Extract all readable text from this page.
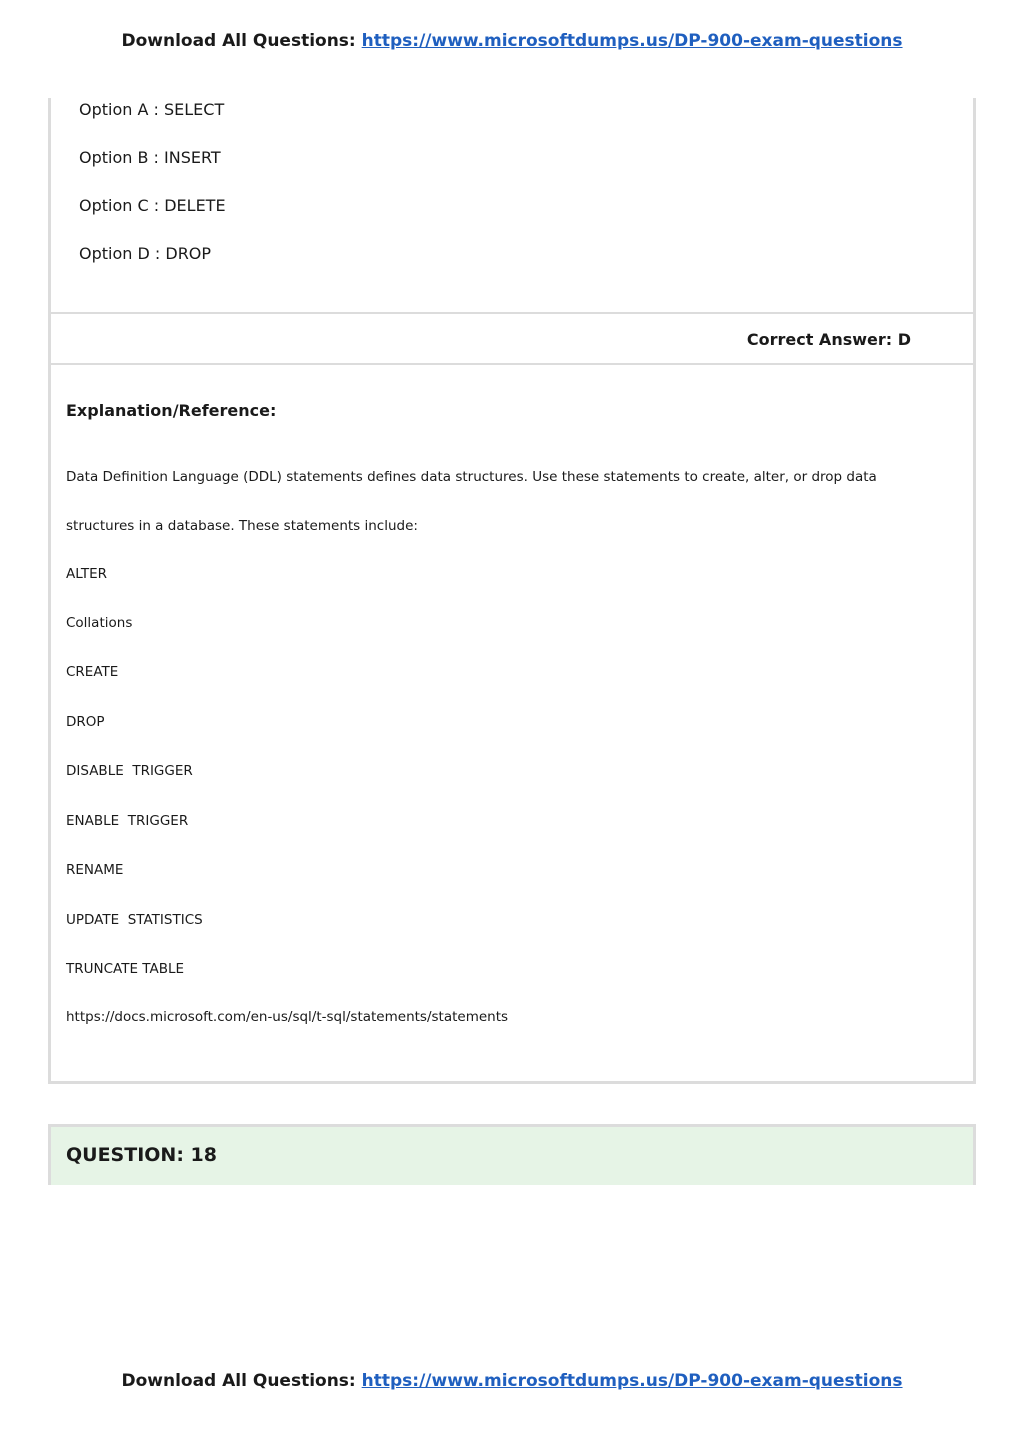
Download All Questions: https://www.microsoftdumps.us/DP-900-exam-questions
Option A : SELECT
Option B : INSERT
Option C : DELETE
Option D : DROP
Correct Answer: D
Explanation/Reference:
Data Definition Language (DDL) statements defines data structures. Use these statements to create, alter, or drop data
structures in a database. These statements include:
ALTER
Collations
CREATE
DROP
DISABLE  TRIGGER
ENABLE  TRIGGER
RENAME
UPDATE  STATISTICS
TRUNCATE TABLE
https://docs.microsoft.com/en-us/sql/t-sql/statements/statements
QUESTION: 18
Download All Questions: https://www.microsoftdumps.us/DP-900-exam-questions
